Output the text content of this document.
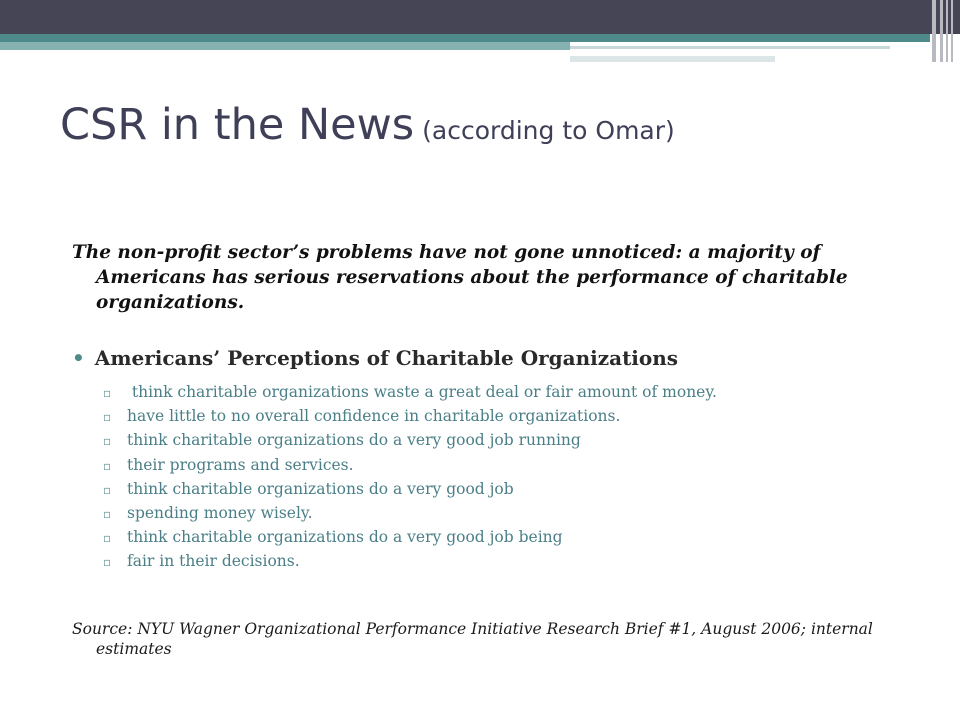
CSR in the News (according to Omar)
The non-profit sector’s problems have not gone unnoticed: a majority of Americans has serious reservations about the performance of charitable organizations.
• Americans’ Perceptions of Charitable Organizations
▫ think charitable organizations waste a great deal or fair amount of money.
▫ have little to no overall confidence in charitable organizations.
▫ think charitable organizations do a very good job running
▫ their programs and services.
▫ think charitable organizations do a very good job
▫ spending money wisely.
▫ think charitable organizations do a very good job being
▫ fair in their decisions.
Source: NYU Wagner Organizational Performance Initiative Research Brief #1, August 2006; internal estimates
